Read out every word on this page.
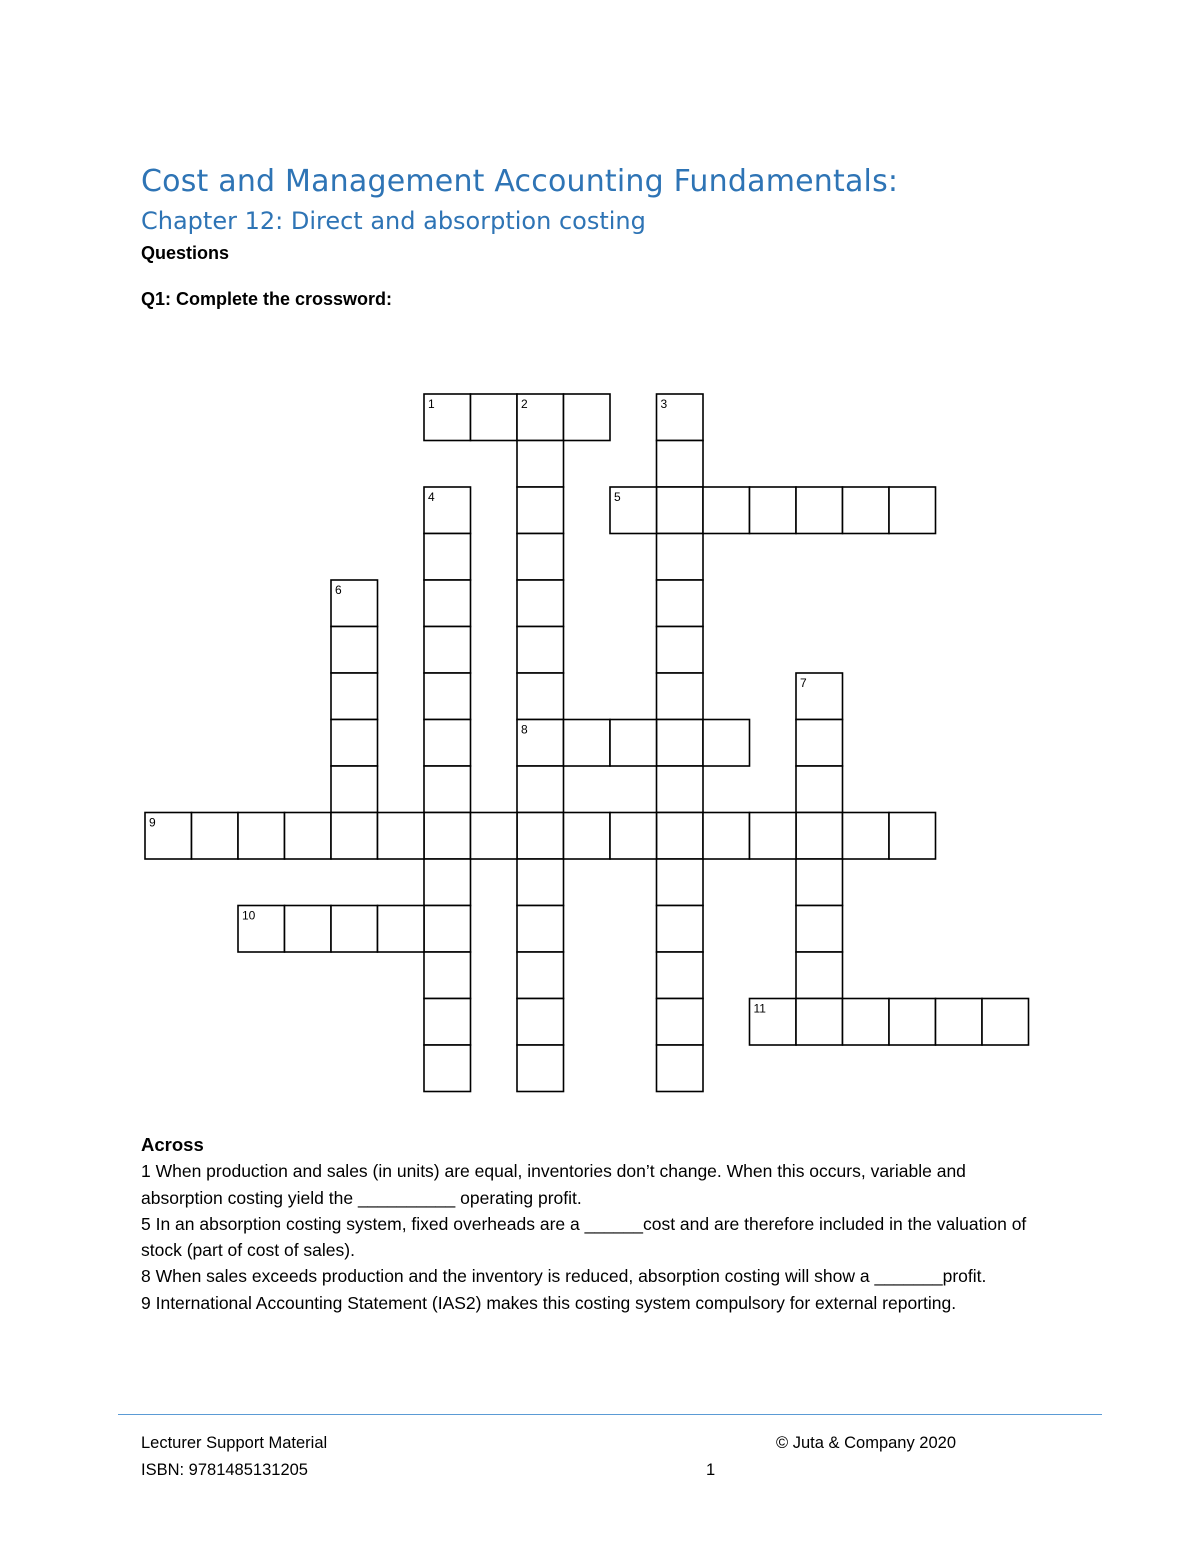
Cost and Management Accounting Fundamentals:
Chapter 12: Direct and absorption costing
Questions
Q1: Complete the crossword:
1	2	3
4	5
6
7
8
9
10
11
Across

1 When production and sales (in units) are equal, inventories don’t change. When this occurs, variable and absorption costing yield the __________ operating profit.

5 In an absorption costing system, fixed overheads are a ______cost and are therefore included in the valuation of stock (part of cost of sales).

8 When sales exceeds production and the inventory is reduced, absorption costing will show a _______profit.

9 International Accounting Statement (IAS2) makes this costing system compulsory for external reporting.

Lecturer Support Material
ISBN: 9781485131205
© Juta & Company 2020
1
